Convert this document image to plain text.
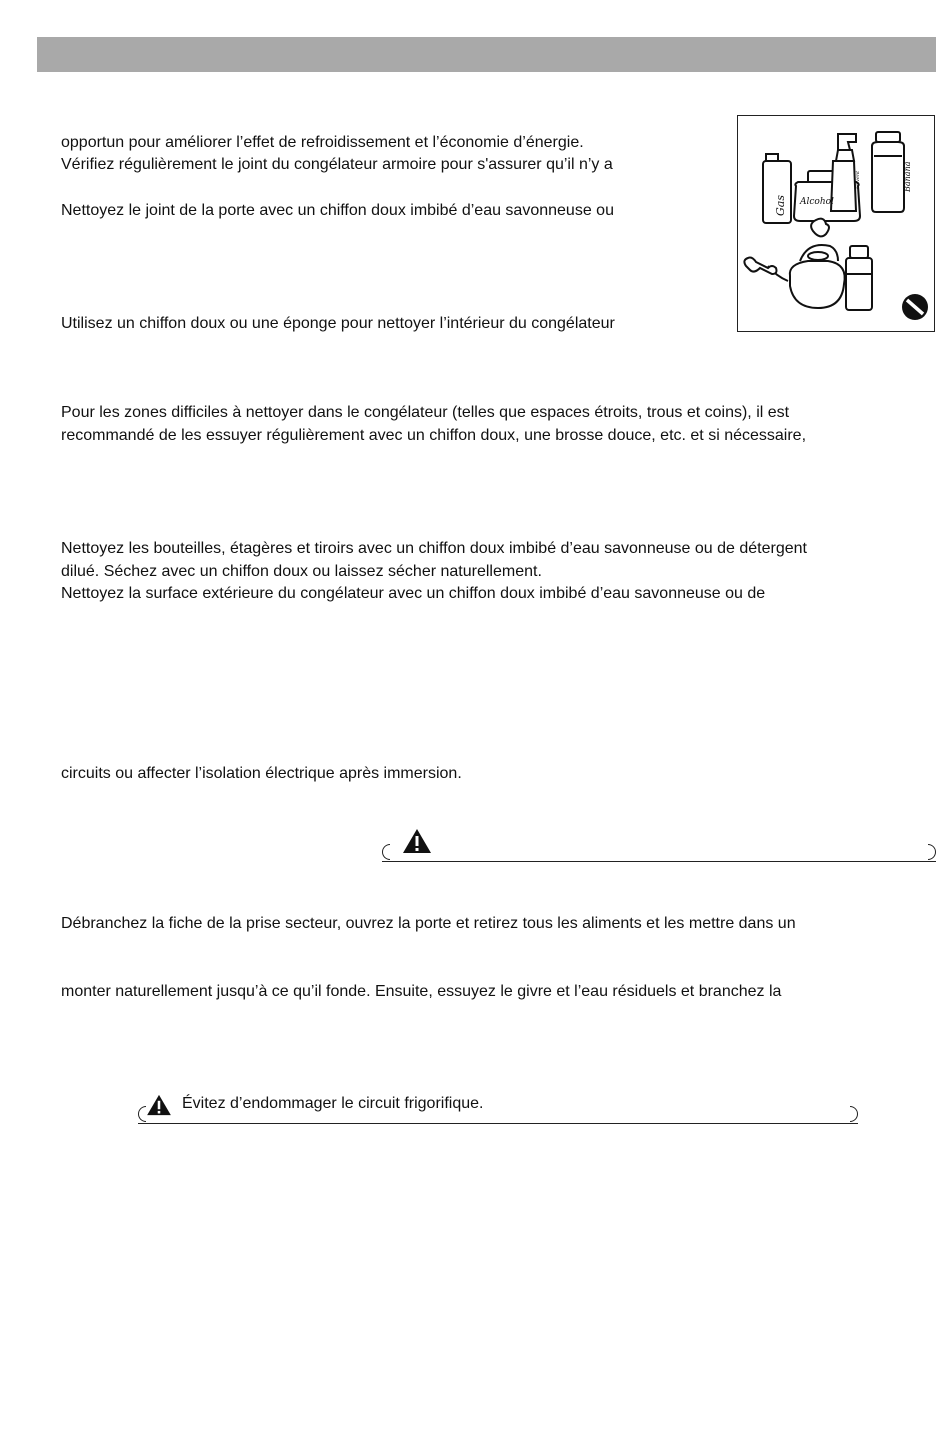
opportun pour améliorer l’effet de refroidissement et l’économie d’énergie.
Vérifiez régulièrement le joint du congélateur armoire pour s'assurer qu’il n’y a
Nettoyez le joint de la porte avec un chiffon doux imbibé d’eau savonneuse ou
Utilisez un chiffon doux ou une éponge pour nettoyer l’intérieur du congélateur
Pour les zones difficiles à nettoyer dans le congélateur (telles que espaces étroits, trous et coins), il est
recommandé de les essuyer régulièrement avec un chiffon doux, une brosse douce, etc. et si nécessaire,
Nettoyez les bouteilles, étagères et tiroirs avec un chiffon doux imbibé d’eau savonneuse ou de détergent
dilué. Séchez avec un chiffon doux ou laissez sécher naturellement.
Nettoyez la surface extérieure du congélateur avec un chiffon doux imbibé d’eau savonneuse ou de
circuits ou affecter l’isolation électrique après immersion.
Débranchez la fiche de la prise secteur, ouvrez la porte et retirez tous les aliments et les mettre dans un
monter naturellement jusqu’à ce qu’il fonde. Ensuite, essuyez le givre et l’eau résiduels et branchez la
Gas Alcohol
Banana
solvent
Évitez d’endommager le circuit frigorifique.
